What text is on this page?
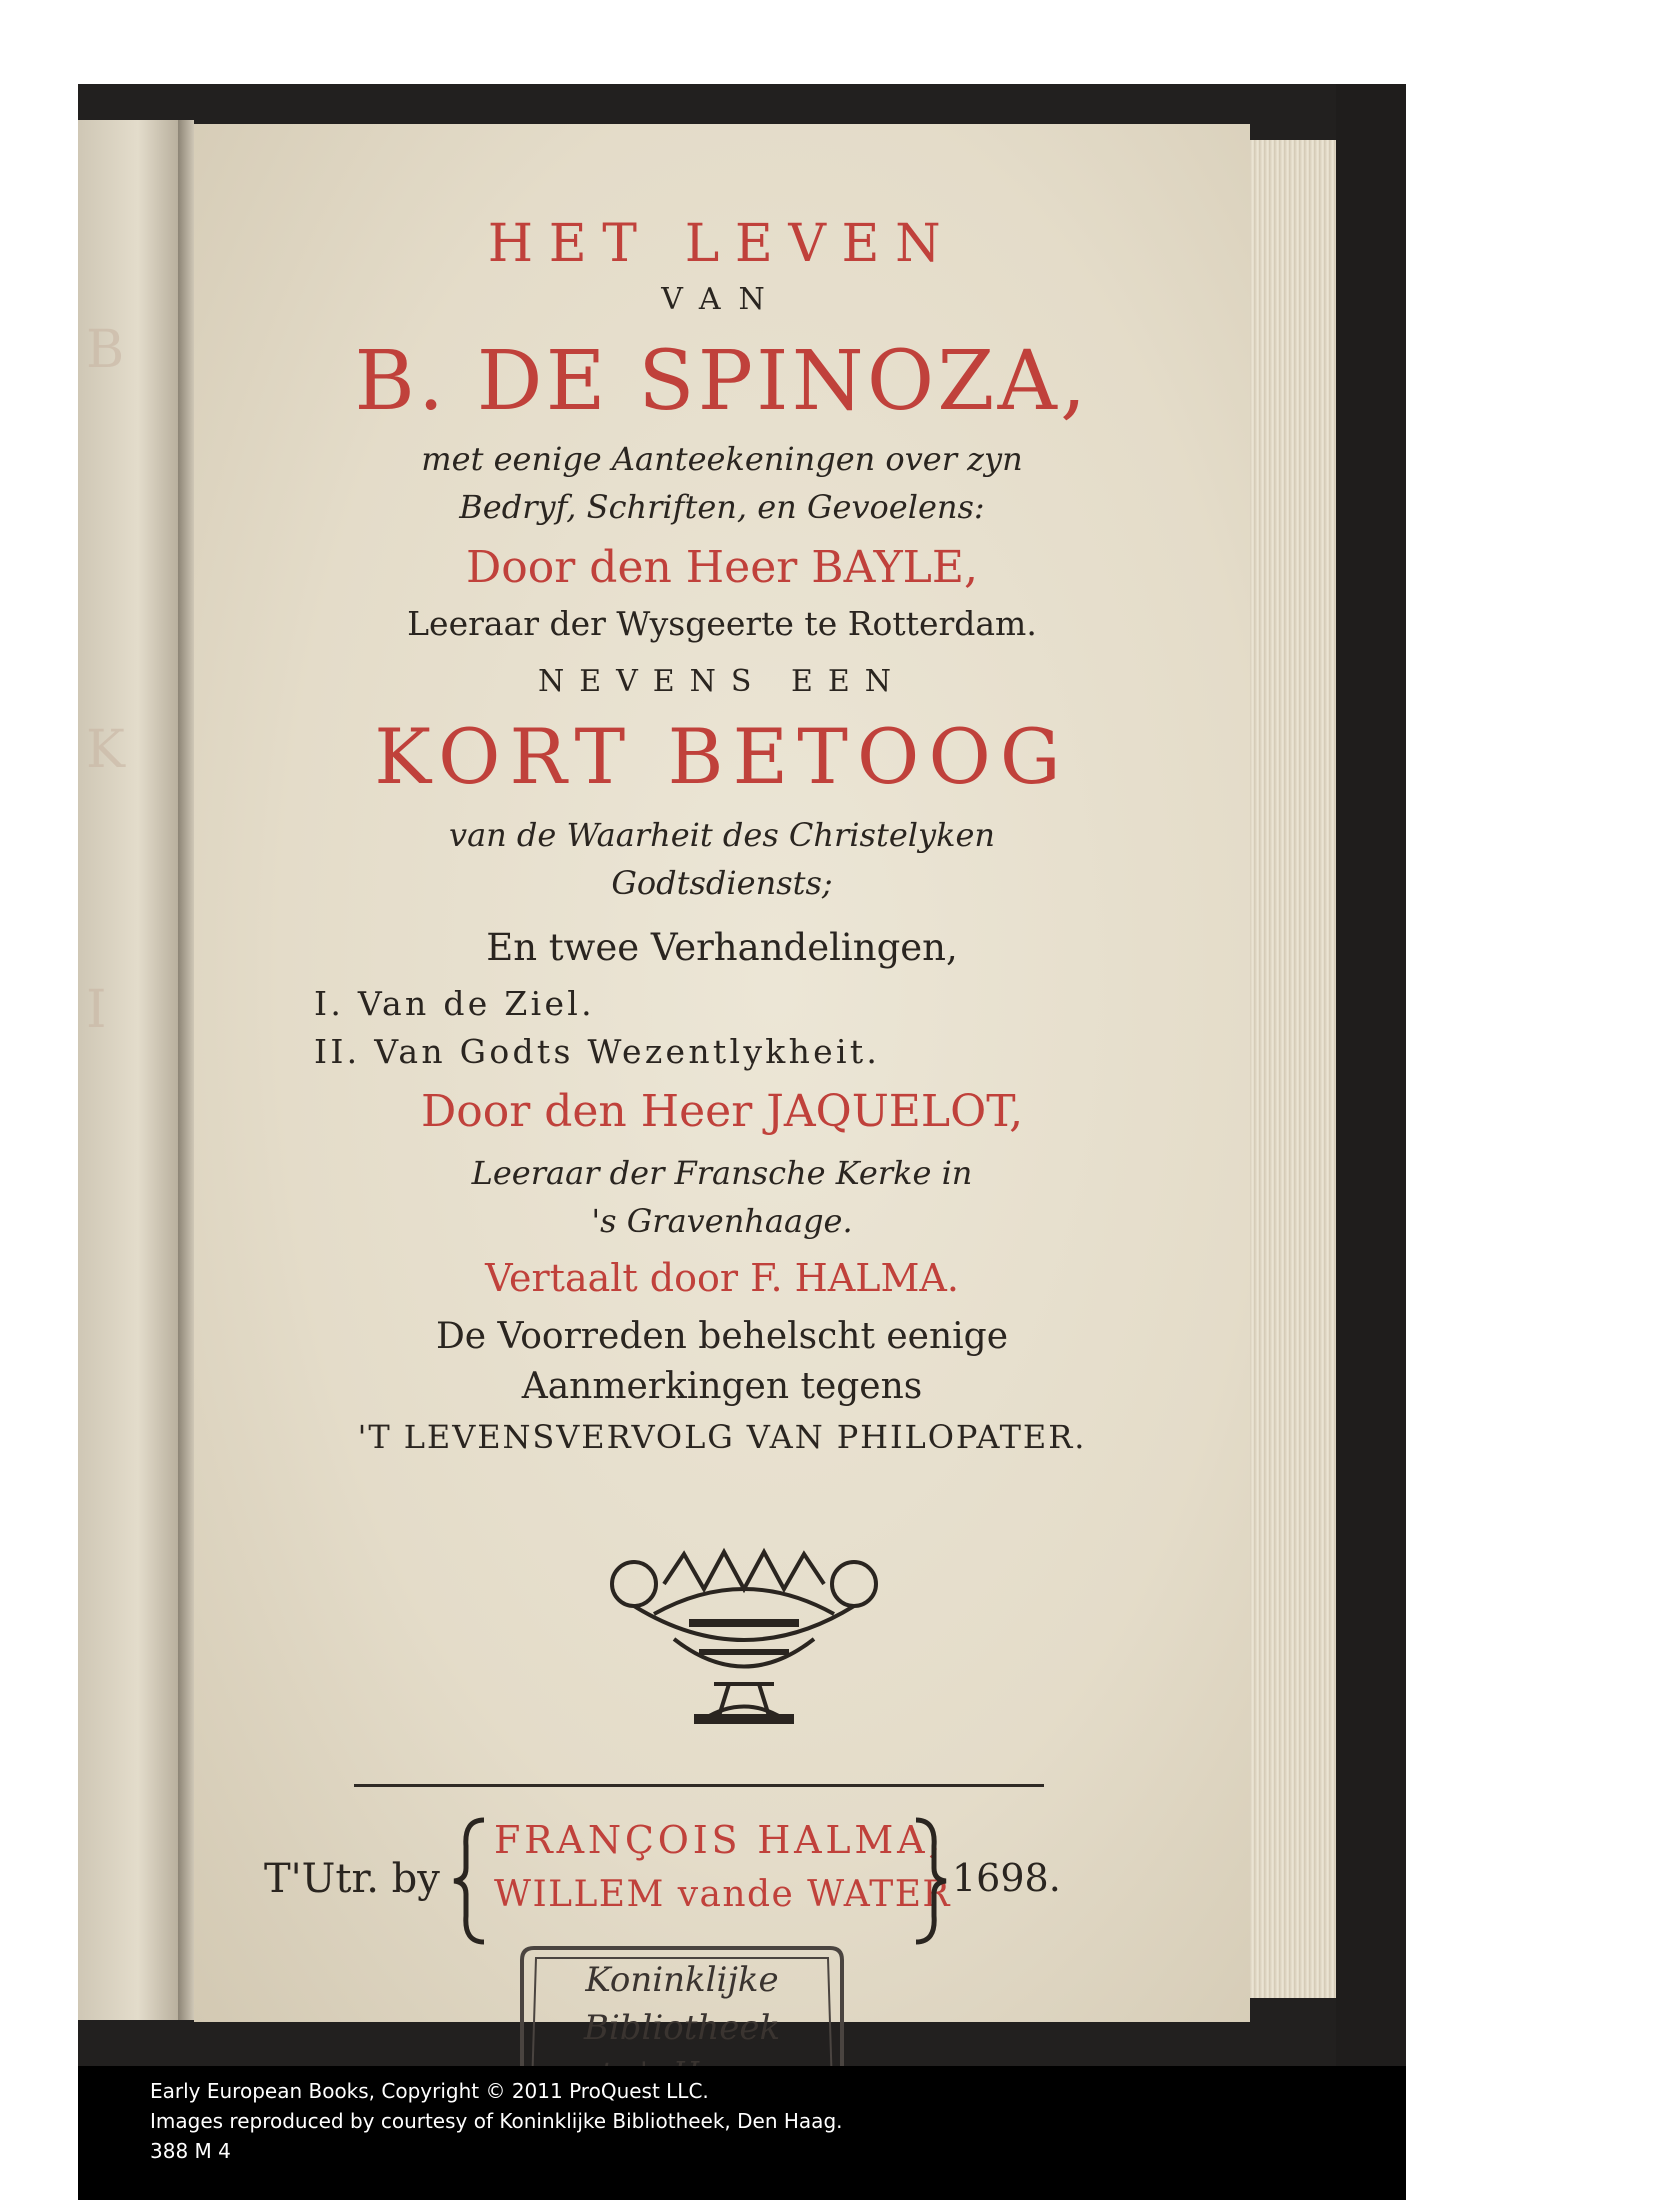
B
K
I
HET LEVEN
VAN
B. DE SPINOZA,
met eenige Aanteekeningen over zyn
Bedryf, Schriften, en Gevoelens:
Door den Heer BAYLE,
Leeraar der Wysgeerte te Rotterdam.
NEVENS EEN
KORT BETOOG
van de Waarheit des Christelyken
Godtsdiensts;
En twee Verhandelingen,
I. Van de Ziel.
II. Van Godts Wezentlykheit.
Door den Heer JAQUELOT,
Leeraar der Fransche Kerke in
's Gravenhaage.
Vertaalt door F. HALMA.
De Voorreden behelscht eenige
Aanmerkingen tegens
'T LEVENSVERVOLG VAN PHILOPATER.
T'Utr. by
FRANÇOIS HALMA,
WILLEM vande WATER 1698.
Koninklijke
Bibliotheek
Early European Books, Copyright © 2011 ProQuest LLC.
Images reproduced by courtesy of Koninklijke Bibliotheek, Den Haag.
388 M 4
